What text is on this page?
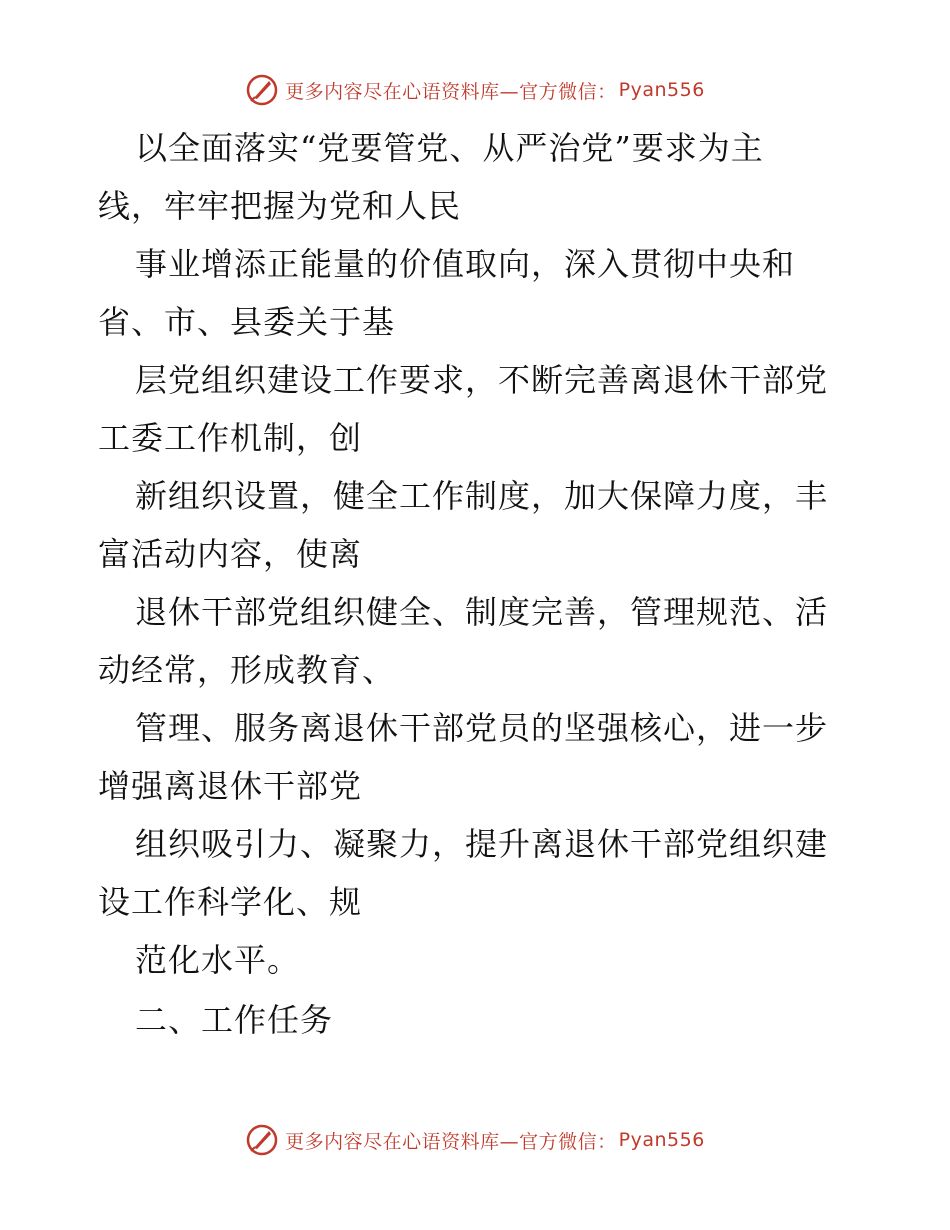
更多内容尽在心语资料库—官方微信： Pyan556
以全面落实“党要管党、从严治党”要求为主
线，牢牢把握为党和人民
事业增添正能量的价值取向，深入贯彻中央和
省、市、县委关于基
层党组织建设工作要求，不断完善离退休干部党
工委工作机制，创
新组织设置，健全工作制度，加大保障力度，丰
富活动内容，使离
退休干部党组织健全、制度完善，管理规范、活
动经常，形成教育、
管理、服务离退休干部党员的坚强核心，进一步
增强离退休干部党
组织吸引力、凝聚力，提升离退休干部党组织建
设工作科学化、规
范化水平。
二、工作任务
更多内容尽在心语资料库—官方微信： Pyan556
